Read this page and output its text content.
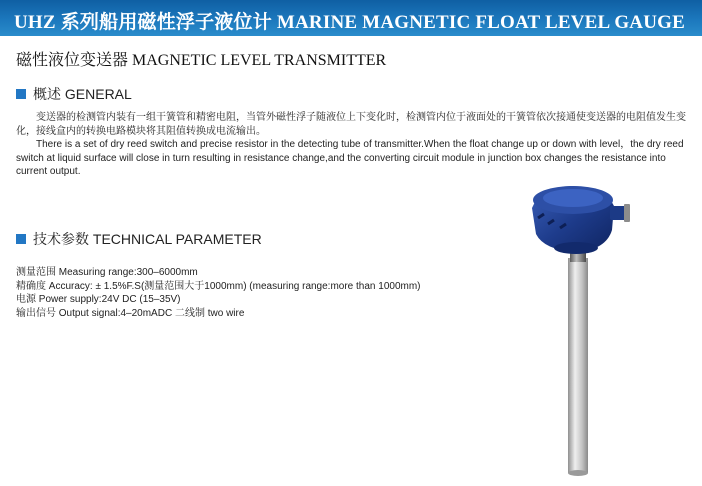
UHZ 系列船用磁性浮子液位计 MARINE MAGNETIC FLOAT LEVEL GAUGE
磁性液位变送器 MAGNETIC LEVEL TRANSMITTER
概述 GENERAL

变送器的检测管内装有一组干簧管和精密电阻，当管外磁性浮子随液位上下变化时，检测管内位于液面处的干簧管依次接通使变送器的电阻值发生变化，接线盒内的转换电路模块将其阻值转换成电流输出。

There is a set of dry reed switch and precise resistor in the detecting tube of transmitter.When the float change up or down with level，the dry reed switch at liquid surface will close in turn resulting in resistance change,and the converting circuit module in junction box changes the resistance into current output.

技术参数 TECHNICAL PARAMETER
测量范围 Measuring range:300–6000mm
精确度 Accuracy: ± 1.5%F.S(测量范围大于1000mm) (measuring range:more than 1000mm)
电源 Power supply:24V DC (15–35V)
输出信号 Output signal:4–20mADC 二线制 two wire
